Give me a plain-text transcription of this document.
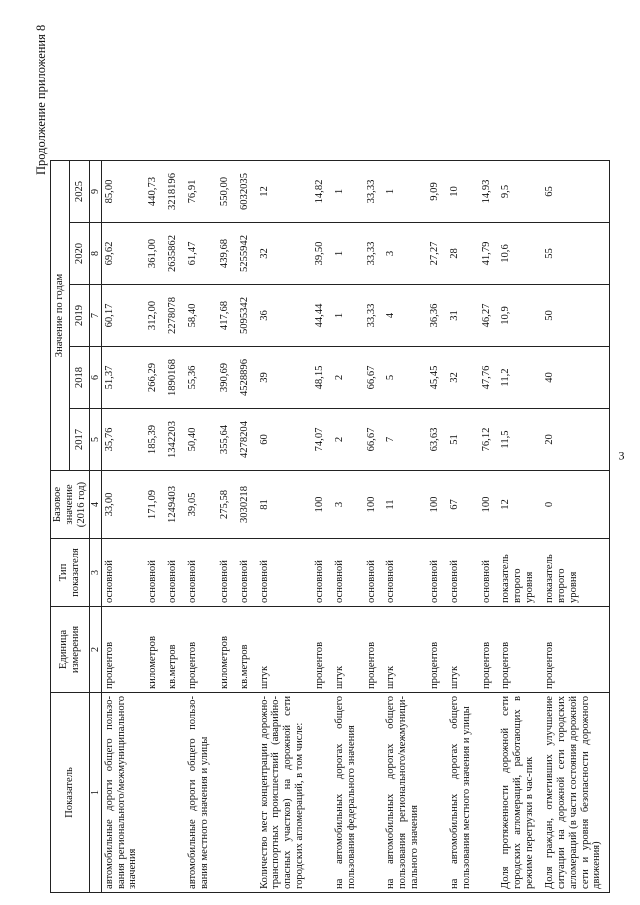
3
Продолжение приложения 8
Показатель	Единица измерения	Тип показателя	Базовое значение (2016 год)	Значение по годам				
				2017	2018	2019	2020	2025
1	2	3	4	5	6	7	8	9
автомобильные дороги общего пользо-вания регионального/межмуниципального значения	процентов	основной	33,00	35,76	51,37	60,17	69,62	85,00
	километров	основной	171,09	185,39	266,29	312,00	361,00	440,73
	кв.метров	основной	1249403	1342203	1890168	2278078	2635862	3218196
автомобильные дороги общего пользо-вания местного значения и улицы	процентов	основной	39,05	50,40	55,36	58,40	61,47	76,91
	километров	основной	275,58	355,64	390,69	417,68	439,68	550,00
	кв.метров	основной	3030218	4278204	4528896	5095342	5255942	6032035
Количество мест концентрации дорожно-транспортных происшествий (аварийно-опасных участков) на дорожной сети городских агломераций, в том числе:	штук	основной	81	60	39	36	32	12
	процентов	основной	100	74,07	48,15	44,44	39,50	14,82
на автомобильных дорогах общего пользования федерального значения	штук	основной	3	2	2	1	1	1
	процентов	основной	100	66,67	66,67	33,33	33,33	33,33
на автомобильных дорогах общего пользования регионального/межмуници-пального значения	штук	основной	11	7	5	4	3	1
	процентов	основной	100	63,63	45,45	36,36	27,27	9,09
на автомобильных дорогах общего пользования местного значения и улицы	штук	основной	67	51	32	31	28	10
	процентов	основной	100	76,12	47,76	46,27	41,79	14,93
Доля протяженности дорожной сети городских агломераций, работающих в режиме перегрузки в час-пик	процентов	показатель второго уровня	12	11,5	11,2	10,9	10,6	9,5
Доля граждан, отметивших улучшение ситуации на дорожной сети городских агломераций (в части состояния дорожной сети и уровня безопасности дорожного движения)	процентов	показатель второго уровня	0	20	40	50	55	65
